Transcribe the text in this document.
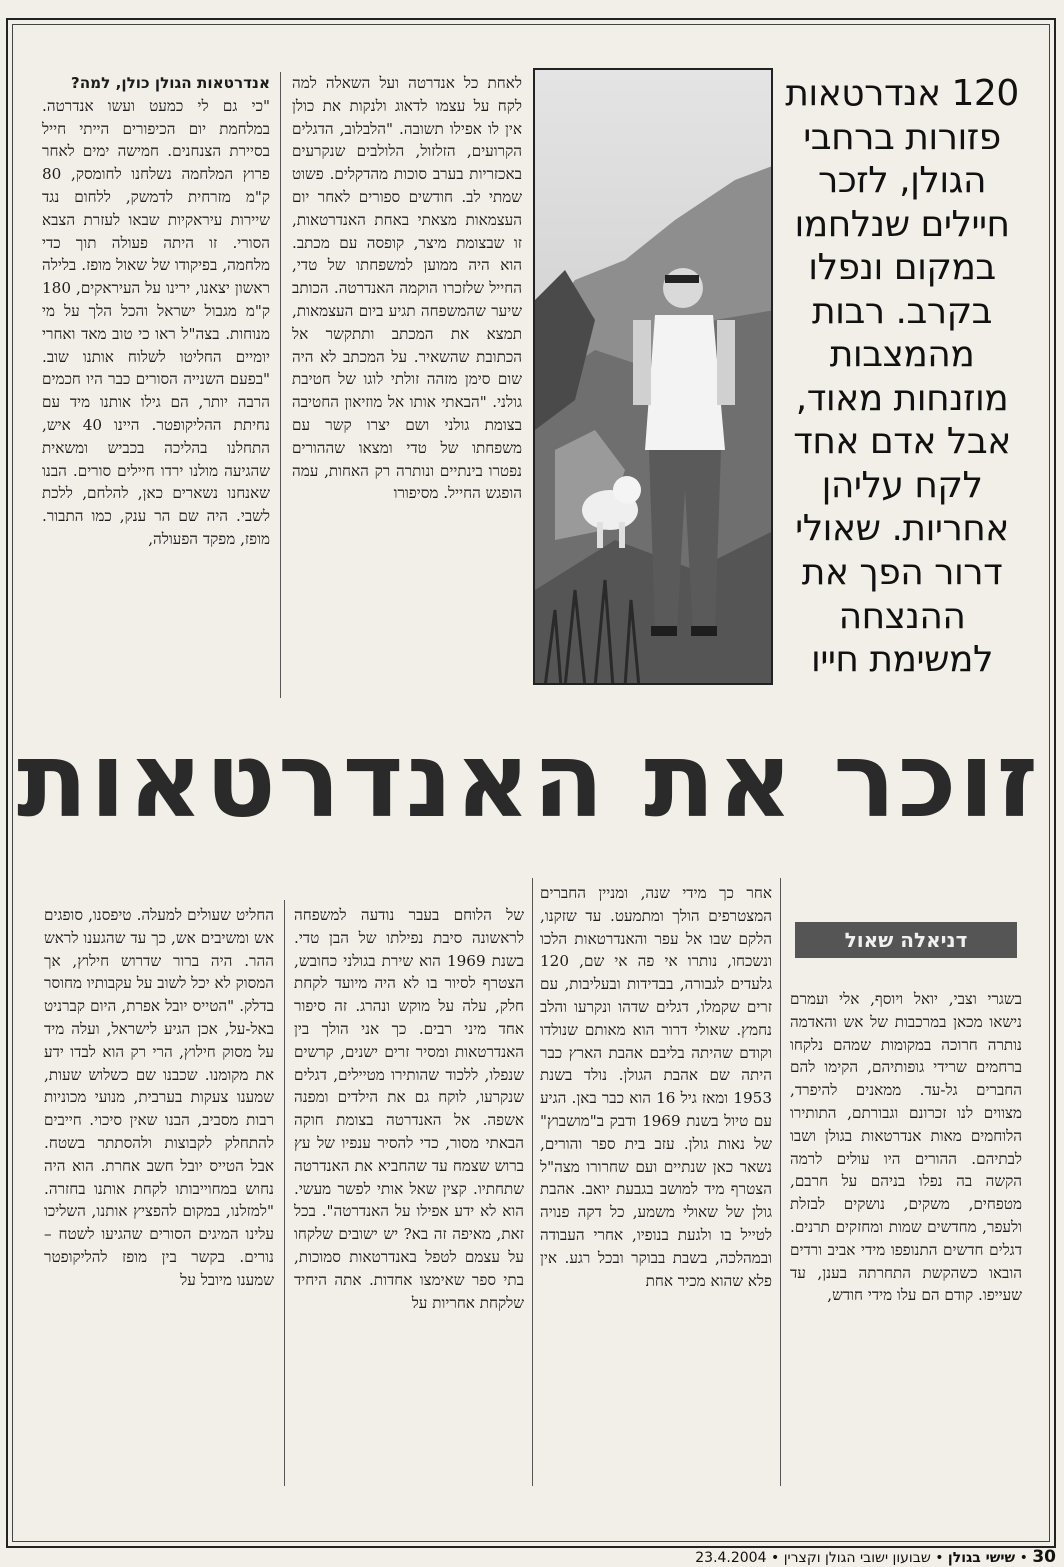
120 אנדרטאות פזורות ברחבי הגולן, לזכר חיילים שנלחמו במקום ונפלו בקרב. רבות מהמצבות מוזנחות מאוד, אבל אדם אחד לקח עליהן אחריות. שאולי דרור הפך את ההנצחה למשימת חייו

אנדרטאות הגולן כולן, למה?

"כי גם לי כמעט ועשו אנדרטה. במלחמת יום הכיפורים הייתי חייל בסיירת הצנחנים. חמישה ימים לאחר פרוץ המלחמה נשלחנו לחומסק, 80 ק"מ מזרחית לדמשק, ללחום נגד שיירות עיראקיות שבאו לעזרת הצבא הסורי. זו היתה פעולה תוך כדי מלחמה, בפיקודו של שאול מופז. בלילה ראשון יצאנו, ירינו על העיראקים, 180 ק"מ מגבול ישראל והכל הלך על מי מנוחות. בצה"ל ראו כי טוב מאד ואחרי יומיים החליטו לשלוח אותנו שוב. "בפעם השנייה הסורים כבר היו חכמים הרבה יותר, הם גילו אותנו מיד עם נחיתת ההליקופטר. היינו 40 איש, התחלנו בהליכה בכביש ומשאית שהגיעה מולנו ירדו חיילים סורים. הבנו שאנחנו נשארים כאן, להלחם, ללכת לשבי. היה שם הר ענק, כמו התבור. מופז, מפקד הפעולה,

לאחת כל אנדרטה ועל השאלה למה לקח על עצמו לדאוג ולנקות את כולן אין לו אפילו תשובה. "הלבלוב, הדגלים הקרועים, הזלזול, הלולבים שנקרעים באכזריות בערב סוכות מהדקלים. פשוט שמתי לב. חודשים ספורים לאחר יום העצמאות מצאתי באחת האנדרטאות, זו שבצומת מיצר, קופסה עם מכתב. הוא היה ממוען למשפחתו של טדי, החייל שלזכרו הוקמה האנדרטה. הכותב שיער שהמשפחה תגיע ביום העצמאות, תמצא את המכתב ותתקשר אל הכתובת שהשאיר. על המכתב לא היה שום סימן מזהה זולתי לוגו של חטיבת גולני. "הבאתי אותו אל מוזיאון החטיבה בצומת גולני ושם יצרו קשר עם משפחתו של טדי ומצאו שההורים נפטרו בינתיים ונותרה רק האחות, עמה הופגש החייל. מסיפורו

זוכר את האנדרטאות
דניאלה שאול

בשגרי וצבי, יואל ויוסף, אלי ועמרם נישאו מכאן במרכבות של אש והאדמה נותרה חרוכה במקומות שמהם נלקחו ברחמים שרידי גופותיהם, הקימו להם החברים גל-עד. ממאנים להיפרד, מצווים לנו זכרונם וגבורתם, התותירו הלוחמים מאות אנדרטאות בגולן ושבו לבתיהם. ההורים היו עולים לרמה הקשה בה נפלו בניהם על חרבם, מטפחים, משקים, נושקים לבזלת ולעפר, מחדשים שמות ומחזקים תרנים. דגלים חדשים התנופפו מידי אביב ורדים הובאו כשהקשת התחרתה בענן, עד שעייפו. קודם הם עלו מידי חודש,

אחר כך מידי שנה, ומניין החברים המצטרפים הולך ומתמעט. עד שזקנו, הלקם שבו אל עפר והאנדרטאות הלכו ונשכחו, נותרו אי פה אי שם, 120 גלעדים לגבורה, בבדידות ובעליבות, עם זרים שקמלו, דגלים שדהו ונקרעו והלב נחמץ. שאולי דרור הוא מאותם שנולדו וקודם שהיתה בליבם אהבת הארץ כבר היתה שם אהבת הגולן. נולד בשנת 1953 ומאז גיל 16 הוא כבר באן. הגיע עם טיול בשנת 1969 ודבק ב"מושבוץ" של נאות גולן. עזב בית ספר והורים, נשאר כאן שנתיים ועם שחרורו מצה"ל הצטרף מיד למושב בגבעת יואב. אהבת גולן של שאולי משמע, כל דקה פנויה לטייל בו ולגעת בנופיו, אחרי העבודה ובמהלכה, בשבת בבוקר ובכל רגע. אין פלא שהוא מכיר אחת

של הלוחם בעבר נודעה למשפחה לראשונה סיבת נפילתו של הבן טדי. בשנת 1969 הוא שירת בגולני כחובש, הצטרף לסיור בו לא היה מיועד לקחת חלק, עלה על מוקש ונהרג. זה סיפור אחד מיני רבים. כך אני הולך בין האנדרטאות ומסיר זרים ישנים, קרשים שנפלו, ללכוד שהותירו מטיילים, דגלים שנקרעו, לוקח גם את הילדים ומפנה אשפה. אל האנדרטה בצומת חוקה הבאתי מסור, כדי להסיר ענפיו של עץ ברוש שצמח עד שהחביא את האנדרטה שתחתיו. קצין שאל אותי לפשר מעשי. הוא לא ידע אפילו על האנדרטה". בכל זאת, מאיפה זה בא? יש ישובים שלקחו על עצמם לטפל באנדרטאות סמוכות, בתי ספר שאימצו אחדות. אתה היחיד שלקחת אחריות על

החליט שעולים למעלה. טיפסנו, סופגים אש ומשיבים אש, כך עד שהגענו לראש ההר. היה ברור שדרוש חילוץ, אך המסוק לא יכל לשוב על עקבותיו מחוסר בדלק. "הטייס יובל אפרת, היום קברניט באל-על, אכן הגיע לישראל, ועלה מיד על מסוק חילוץ, הרי רק הוא לבדו ידע את מקומנו. שכבנו שם כשלוש שעות, שמענו צעקות בערבית, מנועי מכוניות רבות מסביב, הבנו שאין סיכוי. חייבים להתחלק לקבוצות ולהסתתר בשטח. אבל הטייס יובל חשב אחרת. הוא היה נחוש במחוייבותו לקחת אותנו בחזרה. "למזלנו, במקום להפציץ אותנו, השליכו עלינו המיגים הסורים שהגיעו לשטח – נורים. בקשר בין מופז להליקופטר שמענו מיובל על

30 • שישי בגולן • שבועון ישובי הגולן וקצרין • 23.4.2004
